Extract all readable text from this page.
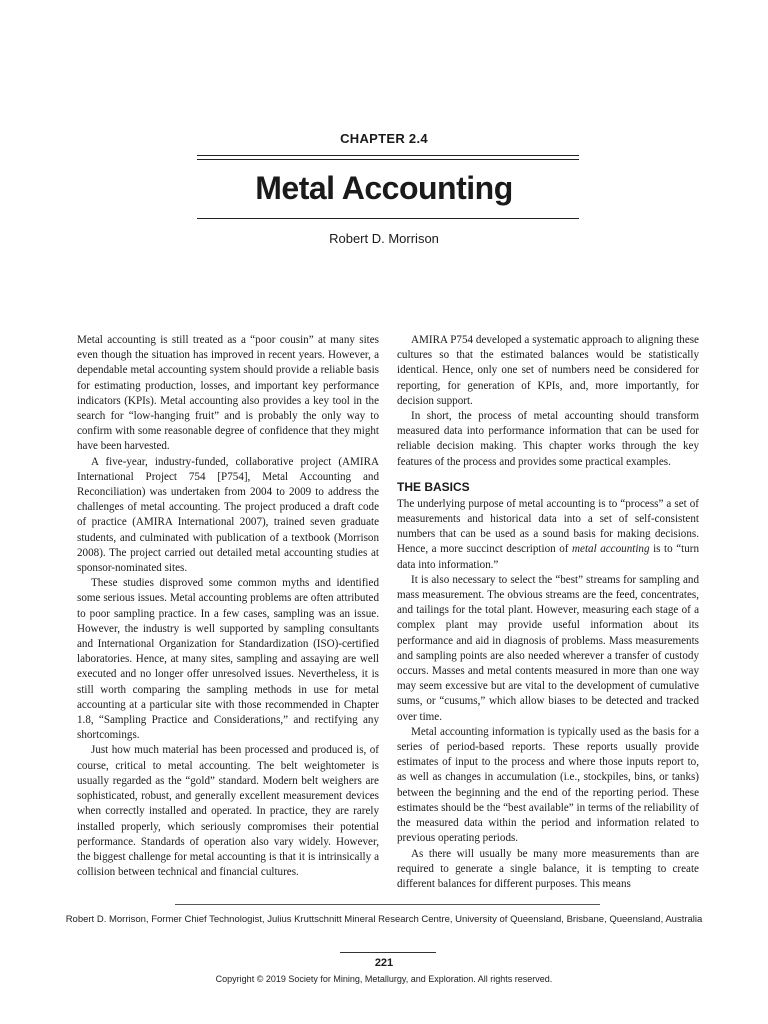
CHAPTER 2.4
Metal Accounting
Robert D. Morrison

Metal accounting is still treated as a “poor cousin” at many sites even though the situation has improved in recent years. However, a dependable metal accounting system should provide a reliable basis for estimating production, losses, and important key performance indicators (KPIs). Metal accounting also provides a key tool in the search for “low-hanging fruit” and is probably the only way to confirm with some reasonable degree of confidence that they might have been harvested.

A five-year, industry-funded, collaborative project (AMIRA International Project 754 [P754], Metal Accounting and Reconciliation) was undertaken from 2004 to 2009 to address the challenges of metal accounting. The project produced a draft code of practice (AMIRA International 2007), trained seven graduate students, and culminated with publication of a textbook (Morrison 2008). The project carried out detailed metal accounting studies at sponsor-nominated sites.

These studies disproved some common myths and identified some serious issues. Metal accounting problems are often attributed to poor sampling practice. In a few cases, sampling was an issue. However, the industry is well supported by sampling consultants and International Organization for Standardization (ISO)-certified laboratories. Hence, at many sites, sampling and assaying are well executed and no longer offer unresolved issues. Nevertheless, it is still worth comparing the sampling methods in use for metal accounting at a particular site with those recommended in Chapter 1.8, “Sampling Practice and Considerations,” and rectifying any shortcomings.

Just how much material has been processed and produced is, of course, critical to metal accounting. The belt weightometer is usually regarded as the “gold” standard. Modern belt weighers are sophisticated, robust, and generally excellent measurement devices when correctly installed and operated. In practice, they are rarely installed properly, which seriously compromises their potential performance. Standards of operation also vary widely. However, the biggest challenge for metal accounting is that it is intrinsically a collision between technical and financial cultures.

AMIRA P754 developed a systematic approach to aligning these cultures so that the estimated balances would be statistically identical. Hence, only one set of numbers need be considered for reporting, for generation of KPIs, and, more importantly, for decision support.

In short, the process of metal accounting should transform measured data into performance information that can be used for reliable decision making. This chapter works through the key features of the process and provides some practical examples.

THE BASICS

The underlying purpose of metal accounting is to “process” a set of measurements and historical data into a set of self-consistent numbers that can be used as a sound basis for making decisions. Hence, a more succinct description of metal accounting is to “turn data into information.”

It is also necessary to select the “best” streams for sampling and mass measurement. The obvious streams are the feed, concentrates, and tailings for the total plant. However, measuring each stage of a complex plant may provide useful information about its performance and aid in diagnosis of problems. Mass measurements and sampling points are also needed wherever a transfer of custody occurs. Masses and metal contents measured in more than one way may seem excessive but are vital to the development of cumulative sums, or “cusums,” which allow biases to be detected and tracked over time.

Metal accounting information is typically used as the basis for a series of period-based reports. These reports usually provide estimates of input to the process and where those inputs report to, as well as changes in accumulation (i.e., stockpiles, bins, or tanks) between the beginning and the end of the reporting period. These estimates should be the “best available” in terms of the reliability of the measured data within the period and information related to previous operating periods.

As there will usually be many more measurements than are required to generate a single balance, it is tempting to create different balances for different purposes. This means

Robert D. Morrison, Former Chief Technologist, Julius Kruttschnitt Mineral Research Centre, University of Queensland, Brisbane, Queensland, Australia
221
Copyright © 2019 Society for Mining, Metallurgy, and Exploration. All rights reserved.
